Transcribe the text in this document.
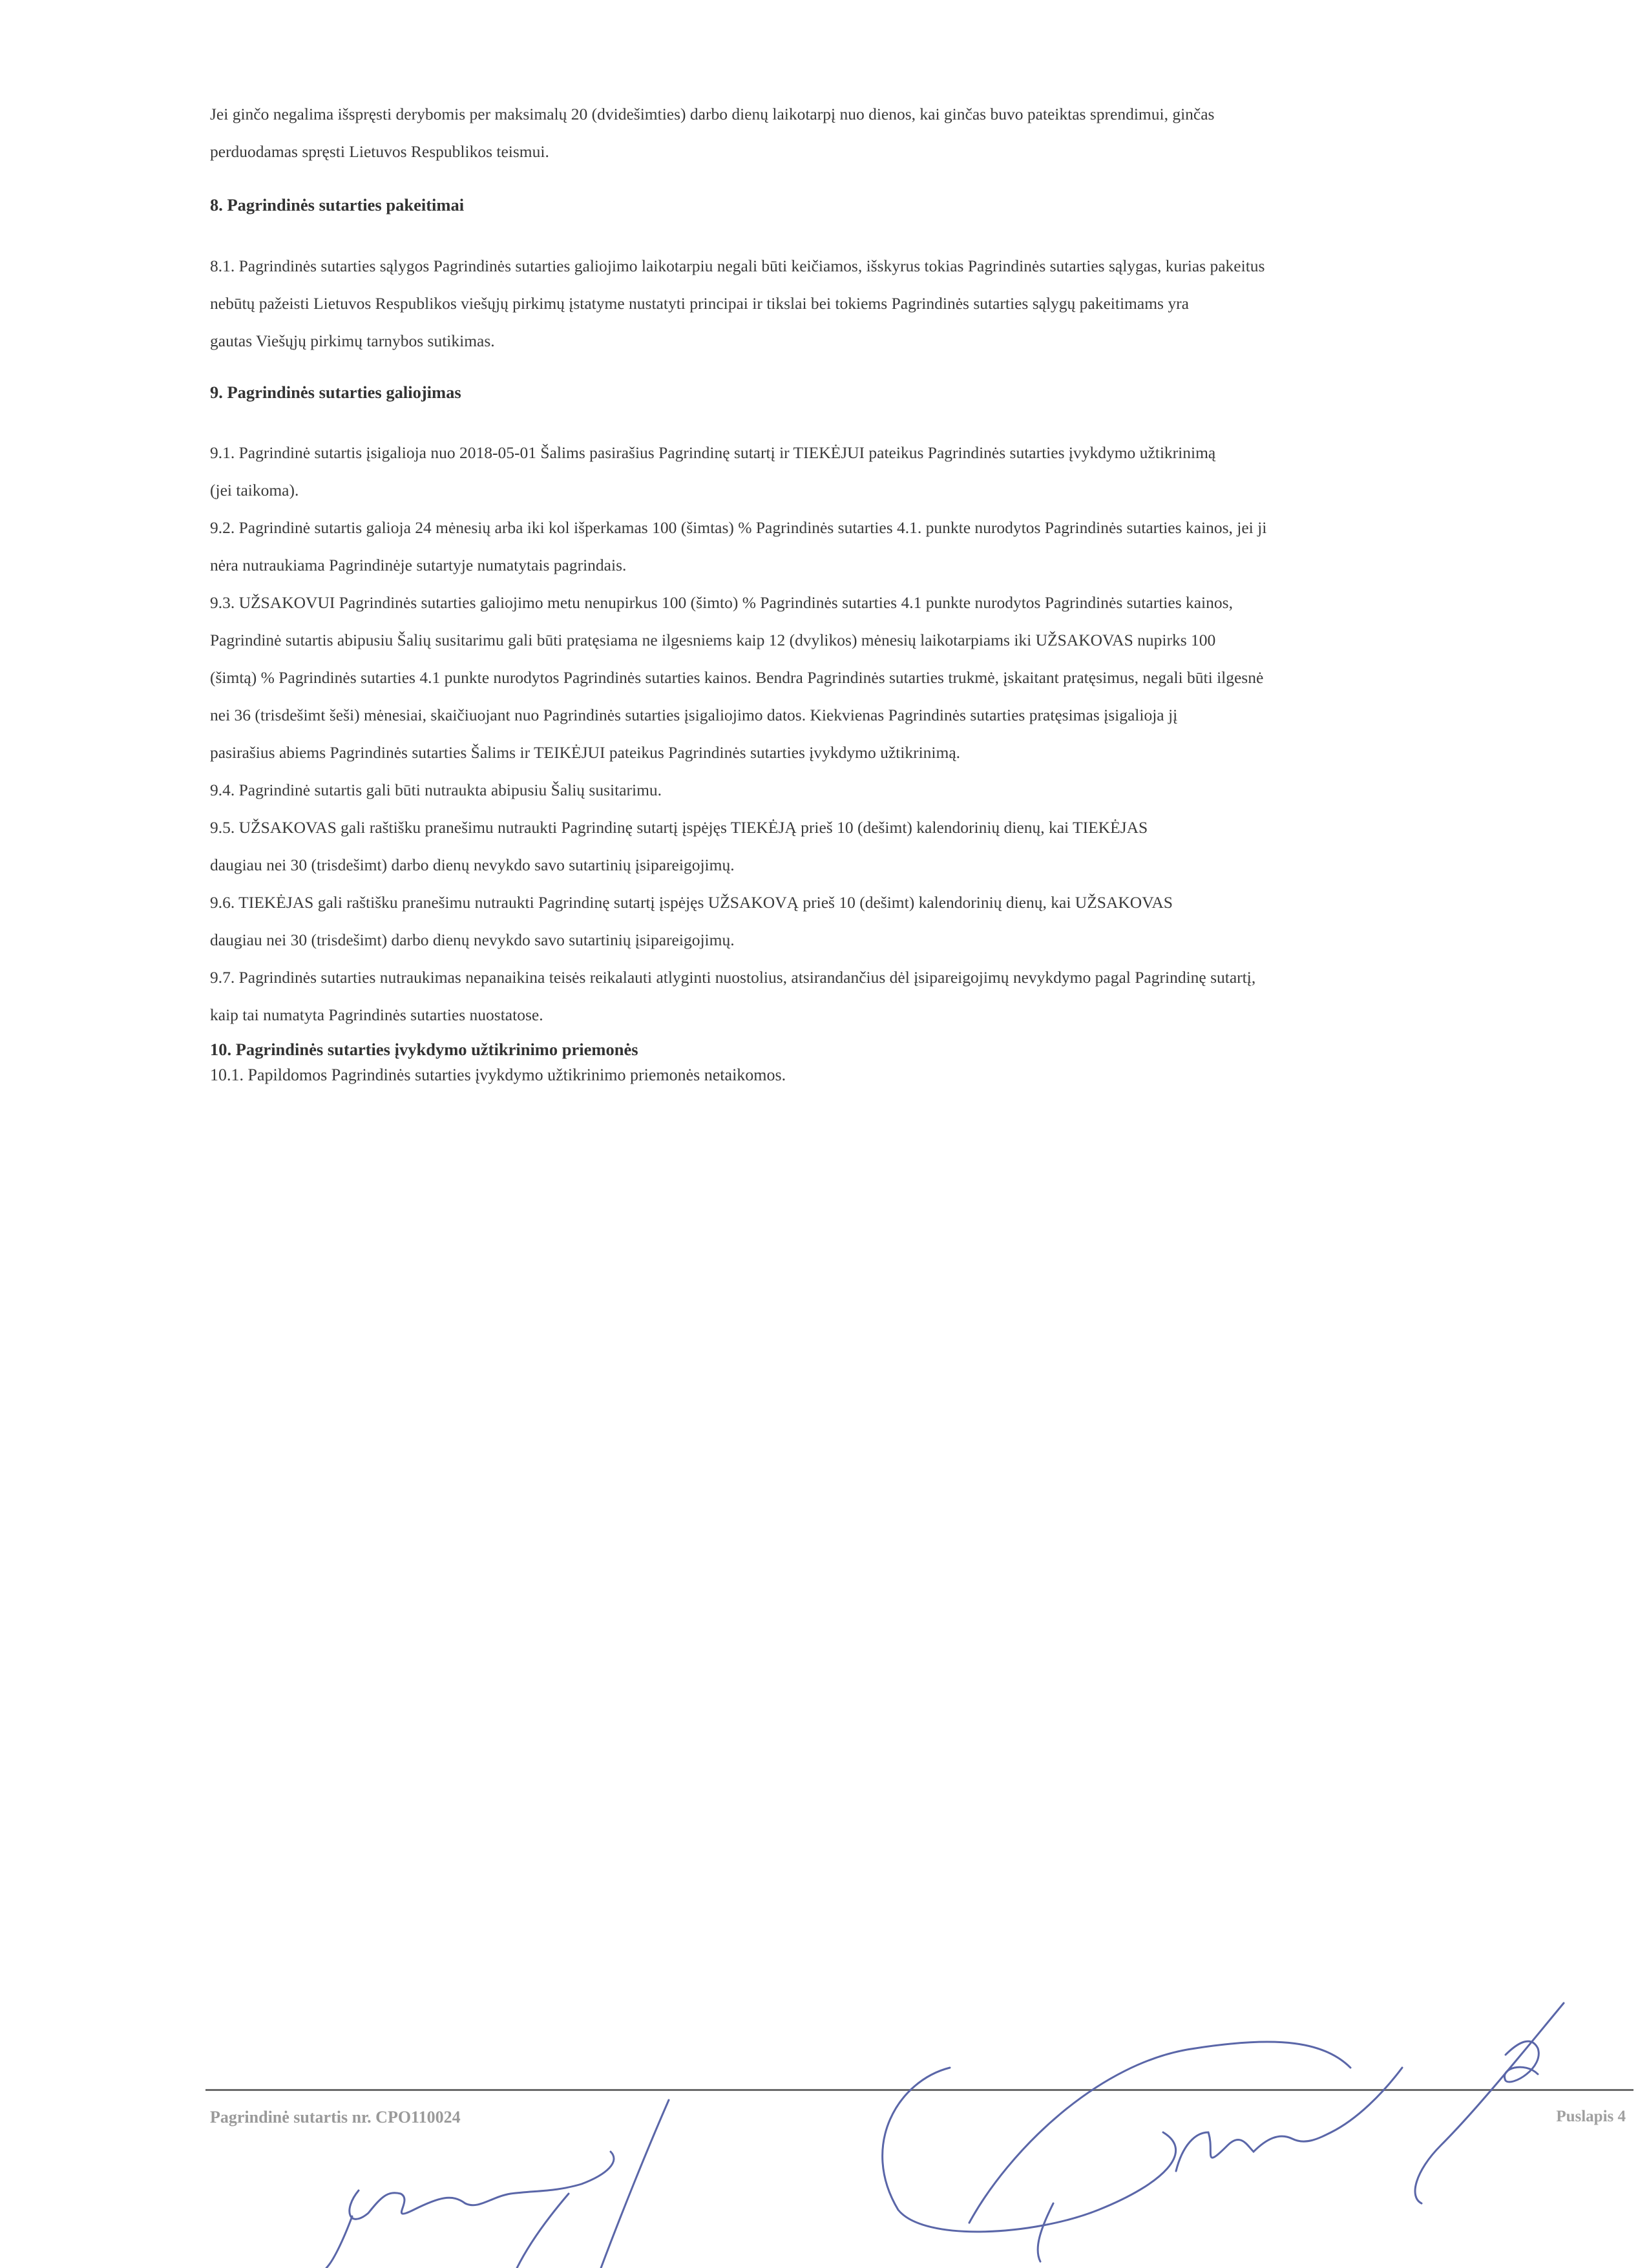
Jei ginčo negalima išspręsti derybomis per maksimalų 20 (dvidešimties) darbo dienų laikotarpį nuo dienos, kai ginčas buvo pateiktas sprendimui, ginčas

perduodamas spręsti Lietuvos Respublikos teismui.

8. Pagrindinės sutarties pakeitimai

8.1. Pagrindinės sutarties sąlygos Pagrindinės sutarties galiojimo laikotarpiu negali būti keičiamos, išskyrus tokias Pagrindinės sutarties sąlygas, kurias pakeitus

nebūtų pažeisti Lietuvos Respublikos viešųjų pirkimų įstatyme nustatyti principai ir tikslai bei tokiems Pagrindinės sutarties sąlygų pakeitimams yra

gautas Viešųjų pirkimų tarnybos sutikimas.

9. Pagrindinės sutarties galiojimas

9.1. Pagrindinė sutartis įsigalioja nuo 2018-05-01 Šalims pasirašius Pagrindinę sutartį ir TIEKĖJUI pateikus Pagrindinės sutarties įvykdymo užtikrinimą

(jei taikoma).

9.2. Pagrindinė sutartis galioja 24 mėnesių arba iki kol išperkamas 100 (šimtas) % Pagrindinės sutarties 4.1. punkte nurodytos Pagrindinės sutarties kainos, jei ji

nėra nutraukiama Pagrindinėje sutartyje numatytais pagrindais.

9.3. UŽSAKOVUI Pagrindinės sutarties galiojimo metu nenupirkus 100 (šimto) % Pagrindinės sutarties 4.1 punkte nurodytos Pagrindinės sutarties kainos,

Pagrindinė sutartis abipusiu Šalių susitarimu gali būti pratęsiama ne ilgesniems kaip 12 (dvylikos) mėnesių laikotarpiams iki UŽSAKOVAS nupirks 100

(šimtą) % Pagrindinės sutarties 4.1 punkte nurodytos Pagrindinės sutarties kainos. Bendra Pagrindinės sutarties trukmė, įskaitant pratęsimus, negali būti ilgesnė

nei 36 (trisdešimt šeši) mėnesiai, skaičiuojant nuo Pagrindinės sutarties įsigaliojimo datos. Kiekvienas Pagrindinės sutarties pratęsimas įsigalioja jį

pasirašius abiems Pagrindinės sutarties Šalims ir TEIKĖJUI pateikus Pagrindinės sutarties įvykdymo užtikrinimą.

9.4. Pagrindinė sutartis gali būti nutraukta abipusiu Šalių susitarimu.

9.5. UŽSAKOVAS gali raštišku pranešimu nutraukti Pagrindinę sutartį įspėjęs TIEKĖJĄ prieš 10 (dešimt) kalendorinių dienų, kai TIEKĖJAS

daugiau nei 30 (trisdešimt) darbo dienų nevykdo savo sutartinių įsipareigojimų.

9.6. TIEKĖJAS gali raštišku pranešimu nutraukti Pagrindinę sutartį įspėjęs UŽSAKOVĄ prieš 10 (dešimt) kalendorinių dienų, kai UŽSAKOVAS

daugiau nei 30 (trisdešimt) darbo dienų nevykdo savo sutartinių įsipareigojimų.

9.7. Pagrindinės sutarties nutraukimas nepanaikina teisės reikalauti atlyginti nuostolius, atsirandančius dėl įsipareigojimų nevykdymo pagal Pagrindinę sutartį,

kaip tai numatyta Pagrindinės sutarties nuostatose.

10. Pagrindinės sutarties įvykdymo užtikrinimo priemonės
10.1. Papildomos Pagrindinės sutarties įvykdymo užtikrinimo priemonės netaikomos.
Pagrindinė sutartis nr. CPO110024	Puslapis 4
